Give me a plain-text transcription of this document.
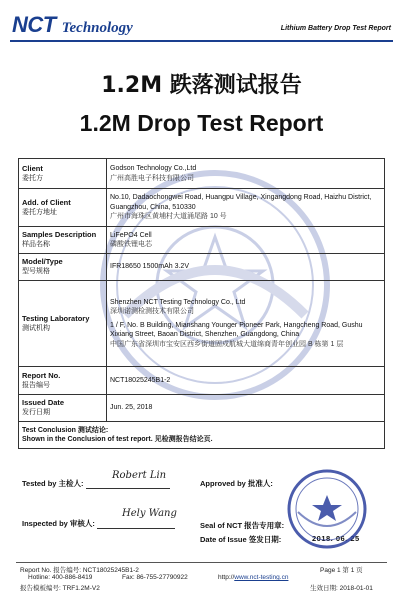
NCT Technology	Lithium Battery Drop Test Report
1.2M 跌落测试报告
1.2M Drop Test Report
Client
委托方	Godson Technology Co.,Ltd
广州高胜电子科技有限公司

Add. of Client
委托方地址	No.10, Dadaochongwei Road, Huangpu Village, Xingangdong Road, Haizhu District, Guangzhou, China, 510330
广州市海珠区黄埔村大道涌尾路 10 号

Samples Description
样品名称	LiFePO4 Cell
磷酸铁锂电芯

Model/Type
型号规格	IFR18650 1500mAh 3.2V

Testing Laboratory
测试机构	Shenzhen NCT Testing Technology Co., Ltd
深圳诺测检测技术有限公司
1 / F, No. B Building, Mianshang Younger Pioneer Park, Hangcheng Road, Gushu Xixiang Street, Baoan District, Shenzhen, Guangdong, China
中国广东省深圳市宝安区西乡街道固戍航城大道绵商青年创业园 B 栋第 1 层

Report No.
报告编号	NCT18025245B1-2

Issued Date
发行日期	Jun. 25, 2018

Test Conclusion 测试结论:
Shown in the Conclusion of test report. 见检测报告结论页.	
Tested by 主检人:
Robert Lin
Approved by 批准人:
Inspected by 审核人:
Hely Wang
Seal of NCT 报告专用章:
Date of Issue 签发日期:	2018. 06. 25
Report No. 报告编号: NCT18025245B1-2	Page 1 第 1 页
Hotline: 400-886-8419	Fax: 86-755-27790922	http://www.nct-testing.cn
报告模板编号: TRF1.2M-V2	生效日期: 2018-01-01
